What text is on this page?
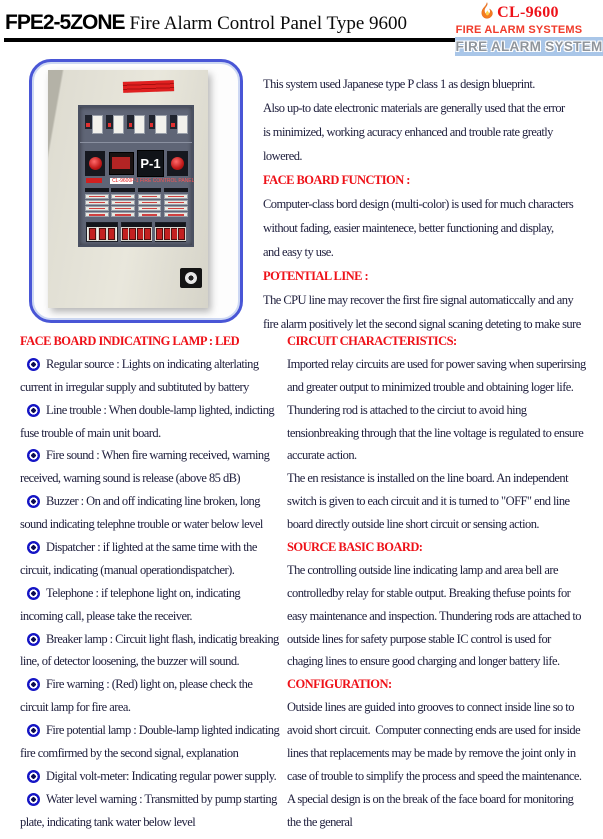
FPE2-5ZONE Fire Alarm Control Panel Type 9600
CL-9600
FIRE ALARM SYSTEMS
FIRE ALARM SYSTEM
P-1
CL-9600 P-1 FIRE CONTROL PANEL
This system used Japanese type P class 1 as design blueprint.
Also up-to date electronic materials are generally used that the error
is minimized, working acuracy enhanced and trouble rate greatly
lowered.
FACE BOARD FUNCTION :
Computer-class bord design (multi-color) is used for much characters
without fading, easier maintenece, better functioning and display,
and easy ty use.
POTENTIAL LINE :
The CPU line may recover the first fire signal automaticcally and any
fire alarm positively let the second signal scaning deteting to make sure
FACE BOARD INDICATING LAMP : LED
Regular source : Lights on indicating alterlating
current in irregular supply and subtituted by battery
Line trouble : When double-lamp lighted, indicting
fuse trouble of main unit board.
Fire sound : When fire warning received, warning
received, warning sound is release (above 85 dB)
Buzzer : On and off indicating line broken, long
sound indicating telephne trouble or water below level
Dispatcher : if lighted at the same time with the
circuit, indicating (manual operationdispatcher).
Telephone : if telephone light on, indicating
incoming call, please take the receiver.
Breaker lamp : Circuit light flash, indicatig breaking
line, of detector loosening, the buzzer will sound.
Fire warning : (Red) light on, please check the
circuit lamp for fire area.
Fire potential lamp : Double-lamp lighted indicating
fire comfirmed by the second signal, explanation
Digital volt-meter: Indicating regular power supply.
Water level warning : Transmitted by pump starting
plate, indicating tank water below level
CIRCUIT CHARACTERISTICS:
Imported relay circuits are used for power saving when superirsing
and greater output to minimized trouble and obtaining loger life.
Thundering rod is attached to the circiut to avoid hing
tensionbreaking through that the line voltage is regulated to ensure
accurate action.
The en resistance is installed on the line board. An independent
switch is given to each circuit and it is turned to "OFF" end line
board directly outside line short circuit or sensing action.
SOURCE BASIC BOARD:
The controlling outside line indicating lamp and area bell are
controlledby relay for stable output. Breaking thefuse points for
easy maintenance and inspection. Thundering rods are attached to
outside lines for safety purpose stable IC control is used for
chaging lines to ensure good charging and longer battery life.
CONFIGURATION:
Outside lines are guided into grooves to connect inside line so to
avoid short circuit.  Computer connecting ends are used for inside
lines that replacements may be made by remove the joint only in
case of trouble to simplify the process and speed the maintenance.
A special design is on the break of the face board for monitoring
the the general
